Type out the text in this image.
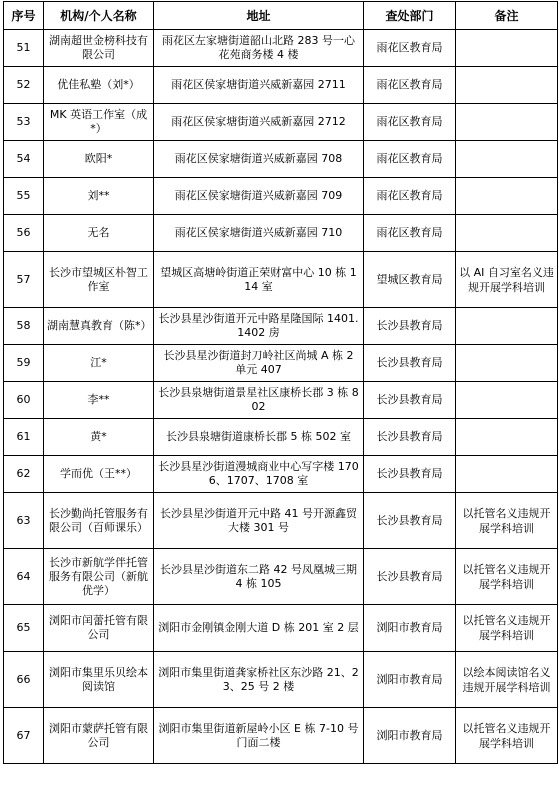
序号	机构/个人名称	地址	查处部门	备注
51	湖南超世金榜科技有限公司	雨花区左家塘街道韶山北路 283 号一心花苑商务楼 4 楼	雨花区教育局	
52	优佳私塾（刘*）	雨花区侯家塘街道兴威新嘉园 2711	雨花区教育局	
53	MK 英语工作室（成*）	雨花区侯家塘街道兴威新嘉园 2712	雨花区教育局	
54	欧阳*	雨花区侯家塘街道兴威新嘉园 708	雨花区教育局	
55	刘**	雨花区侯家塘街道兴威新嘉园 709	雨花区教育局	
56	无名	雨花区侯家塘街道兴威新嘉园 710	雨花区教育局	
57	长沙市望城区朴智工作室	望城区高塘岭街道正荣财富中心 10 栋 114 室	望城区教育局	以 AI 自习室名义违规开展学科培训
58	湖南慧真教育（陈*）	长沙县星沙街道开元中路星隆国际 1401. 1402 房	长沙县教育局	
59	江*	长沙县星沙街道封刀岭社区尚城 A 栋 2 单元 407	长沙县教育局	
60	李**	长沙县泉塘街道景星社区康桥长郡 3 栋 802	长沙县教育局	
61	黄*	长沙县泉塘街道康桥长郡 5 栋 502 室	长沙县教育局	
62	学而优（王**）	长沙县星沙街道漫城商业中心写字楼 1706、1707、1708 室	长沙县教育局	
63	长沙勤尚托管服务有限公司（百师课乐）	长沙县星沙街道开元中路 41 号开源鑫贸大楼 301 号	长沙县教育局	以托管名义违规开展学科培训
64	长沙市新航学伴托管服务有限公司（新航优学）	长沙县星沙街道东二路 42 号凤凰城三期 4 栋 105	长沙县教育局	以托管名义违规开展学科培训
65	浏阳市闰蕾托管有限公司	浏阳市金刚镇金刚大道 D 栋 201 室 2 层	浏阳市教育局	以托管名义违规开展学科培训
66	浏阳市集里乐贝绘本阅读馆	浏阳市集里街道龚家桥社区东沙路 21、23、25 号 2 楼	浏阳市教育局	以绘本阅读馆名义违规开展学科培训
67	浏阳市蒙萨托管有限公司	浏阳市集里街道新屋岭小区 E 栋 7-10 号门面二楼	浏阳市教育局	以托管名义违规开展学科培训
